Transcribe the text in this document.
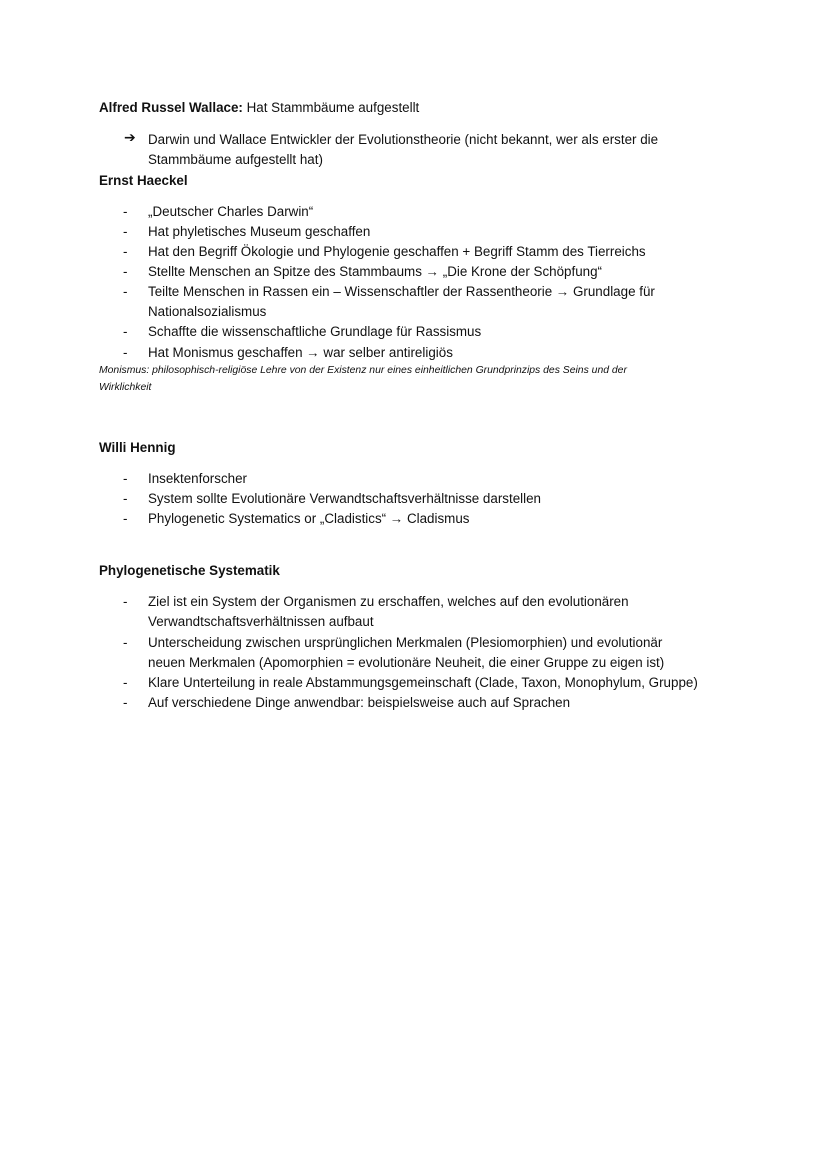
Alfred Russel Wallace: Hat Stammbäume aufgestellt
➔ Darwin und Wallace Entwickler der Evolutionstheorie (nicht bekannt, wer als erster die
Stammbäume aufgestellt hat)
Ernst Haeckel
-	„Deutscher Charles Darwin“
-	Hat phyletisches Museum geschaffen
-	Hat den Begriff Ökologie und Phylogenie geschaffen + Begriff Stamm des Tierreichs
-	Stellte Menschen an Spitze des Stammbaums → „Die Krone der Schöpfung“
-	Teilte Menschen in Rassen ein – Wissenschaftler der Rassentheorie → Grundlage für
Nationalsozialismus
-	Schaffte die wissenschaftliche Grundlage für Rassismus
-	Hat Monismus geschaffen → war selber antireligiös
Monismus: philosophisch-religiöse Lehre von der Existenz nur eines einheitlichen Grundprinzips des Seins und der
Wirklichkeit
Willi Hennig
-	Insektenforscher
-	System sollte Evolutionäre Verwandtschaftsverhältnisse darstellen
-	Phylogenetic Systematics or „Cladistics“ → Cladismus
Phylogenetische Systematik
-	Ziel ist ein System der Organismen zu erschaffen, welches auf den evolutionären
Verwandtschaftsverhältnissen aufbaut
-	Unterscheidung zwischen ursprünglichen Merkmalen (Plesiomorphien) und evolutionär
neuen Merkmalen (Apomorphien = evolutionäre Neuheit, die einer Gruppe zu eigen ist)
-	Klare Unterteilung in reale Abstammungsgemeinschaft (Clade, Taxon, Monophylum, Gruppe)
-	Auf verschiedene Dinge anwendbar: beispielsweise auch auf Sprachen
